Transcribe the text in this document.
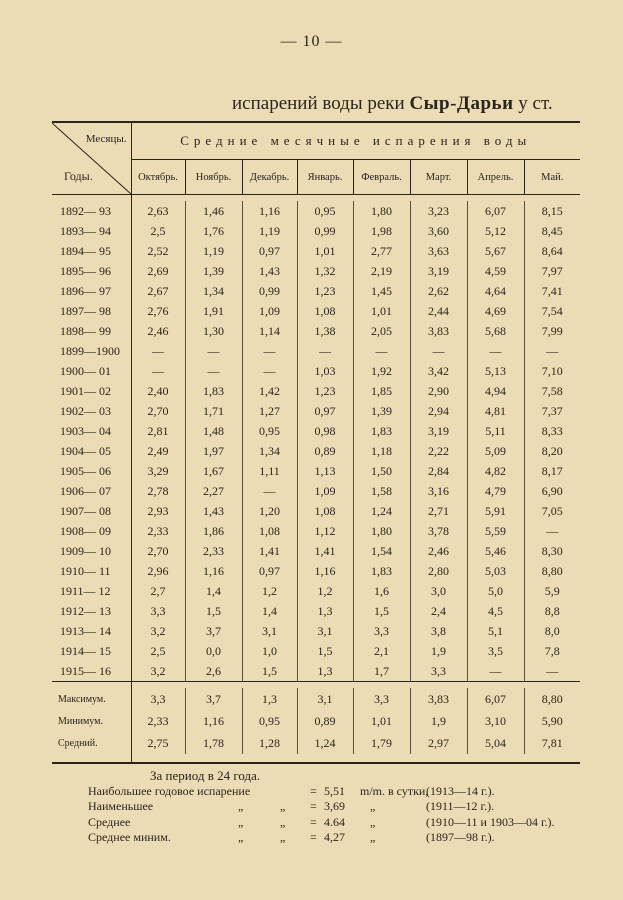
— 10 —
испарений воды реки Сыр-Дарьи у ст.
Месяцы.
Годы.	Средние месячные испарения воды							
	Октябрь.	Ноябрь.	Декабрь.	Январь.	Февраль.	Март.	Апрель.	Май.

1892— 93	2,63	1,46	1,16	0,95	1,80	3,23	6,07	8,15
1893— 94	2,5	1,76	1,19	0,99	1,98	3,60	5,12	8,45
1894— 95	2,52	1,19	0,97	1,01	2,77	3,63	5,67	8,64
1895— 96	2,69	1,39	1,43	1,32	2,19	3,19	4,59	7,97
1896— 97	2,67	1,34	0,99	1,23	1,45	2,62	4,64	7,41
1897— 98	2,76	1,91	1,09	1,08	1,01	2,44	4,69	7,54
1898— 99	2,46	1,30	1,14	1,38	2,05	3,83	5,68	7,99
1899—1900	—	—	—	—	—	—	—	—
1900— 01	—	—	—	1,03	1,92	3,42	5,13	7,10
1901— 02	2,40	1,83	1,42	1,23	1,85	2,90	4,94	7,58
1902— 03	2,70	1,71	1,27	0,97	1,39	2,94	4,81	7,37
1903— 04	2,81	1,48	0,95	0,98	1,83	3,19	5,11	8,33
1904— 05	2,49	1,97	1,34	0,89	1,18	2,22	5,09	8,20
1905— 06	3,29	1,67	1,11	1,13	1,50	2,84	4,82	8,17
1906— 07	2,78	2,27	—	1,09	1,58	3,16	4,79	6,90
1907— 08	2,93	1,43	1,20	1,08	1,24	2,71	5,91	7,05
1908— 09	2,33	1,86	1,08	1,12	1,80	3,78	5,59	—
1909— 10	2,70	2,33	1,41	1,41	1,54	2,46	5,46	8,30
1910— 11	2,96	1,16	0,97	1,16	1,83	2,80	5,03	8,80
1911— 12	2,7	1,4	1,2	1,2	1,6	3,0	5,0	5,9
1912— 13	3,3	1,5	1,4	1,3	1,5	2,4	4,5	8,8
1913— 14	3,2	3,7	3,1	3,1	3,3	3,8	5,1	8,0
1914— 15	2,5	0,0	1,0	1,5	2,1	1,9	3,5	7,8
1915— 16	3,2	2,6	1,5	1,3	1,7	3,3	—	—

Максимум.	3,3	3,7	1,3	3,1	3,3	3,83	6,07	8,80
Минимум.	2,33	1,16	0,95	0,89	1,01	1,9	3,10	5,90
Средний.	2,75	1,78	1,28	1,24	1,79	2,97	5,04	7,81

За период в 24 года.
Наибольшее годовое испарение	= 5,51 m/m. в сутки,
(1913—14 г.).
Наименьшее	„	„ = 3,69 „	(1911—12 г.).
Среднее	„	„ = 4.64 „	(1910—11 и 1903—04 г.).
Среднее миним.	„	„ = 4,27 „	(1897—98 г.).
